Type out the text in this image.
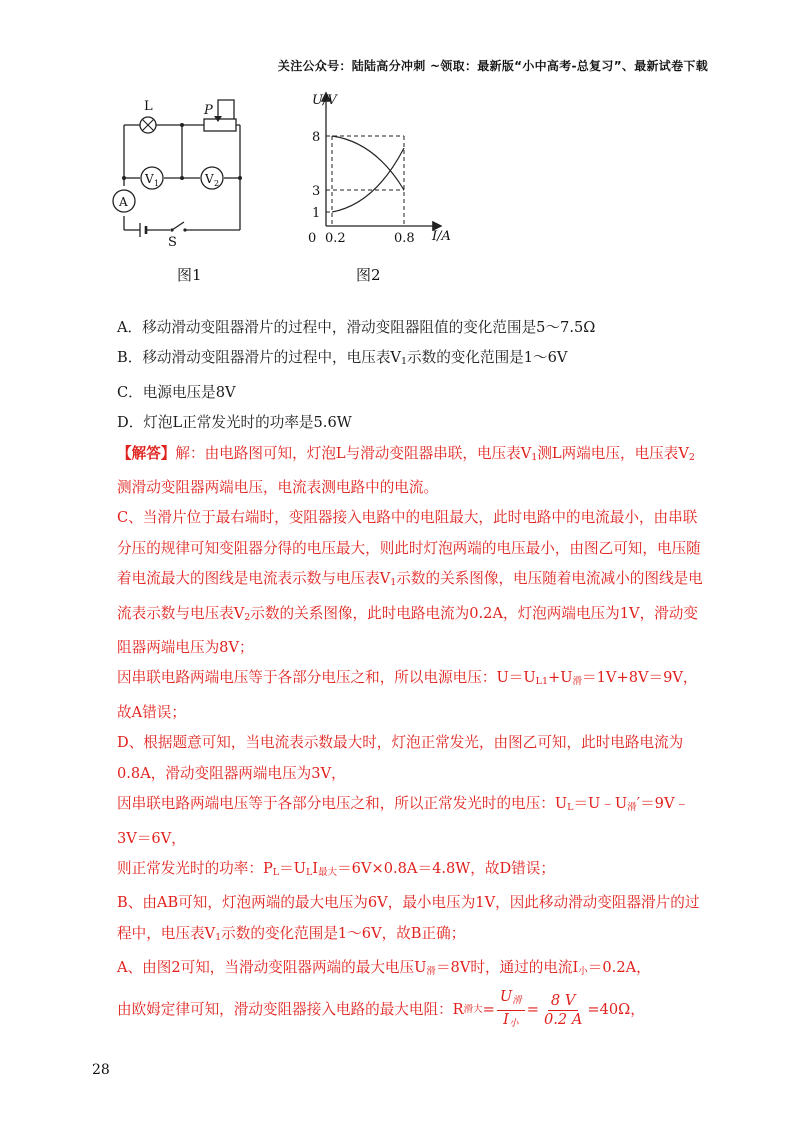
关注公众号：陆陆高分冲刺 ~领取：最新版“小中高考-总复习”、最新试卷下载
L	P
V 1	V 2
A
S
图1
U/V
I/A
8
3
1
0 0.2	0.8
图2

A．移动滑动变阻器滑片的过程中，滑动变阻器阻值的变化范围是5～7.5Ω

B．移动滑动变阻器滑片的过程中，电压表$V_1$示数的变化范围是1～6V

C．电源电压是8V

D．灯泡L正常发光时的功率是5.6W

【解答】解：由电路图可知，灯泡L与滑动变阻器串联，电压表$V_1$测L两端电压，电压表$V_2$测滑动变阻器两端电压，电流表测电路中的电流。

C、当滑片位于最右端时，变阻器接入电路中的电阻最大，此时电路中的电流最小，由串联分压的规律可知变阻器分得的电压最大，则此时灯泡两端的电压最小，由图乙可知，电压随着电流最大的图线是电流表示数与电压表$V_1$示数的关系图像，电压随着电流减小的图线是电流表示数与电压表$V_2$示数的关系图像，此时电路电流为0.2A，灯泡两端电压为1V，滑动变阻器两端电压为8V；

因串联电路两端电压等于各部分电压之和，所以电源电压：$U=U_{L1}+U_滑=1V+8V=9V$，故A错误；

D、根据题意可知，当电流表示数最大时，灯泡正常发光，由图乙可知，此时电路电流为0.8A，滑动变阻器两端电压为3V，

因串联电路两端电压等于各部分电压之和，所以正常发光时的电压：$U_L=U﹣U_滑'=9V﹣3V=6V$，

则正常发光时的功率：$P_L=U_LI_{最大}=6V\times 0.8A=4.8W$，故D错误；

B、由AB可知，灯泡两端的最大电压为6V，最小电压为1V，因此移动滑动变阻器滑片的过程中，电压表$V_1$示数的变化范围是1～6V，故B正确；

A、由图2可知，当滑动变阻器两端的最大电压$U_滑=8V$时，通过的电流$I_小=0.2A$，

由欧姆定律可知，滑动变阻器接入电路的最大电阻：R 滑大 = $\frac{U_滑}{I_小} = \frac{8 V}{0.2 A} =40\Omega$，

28
